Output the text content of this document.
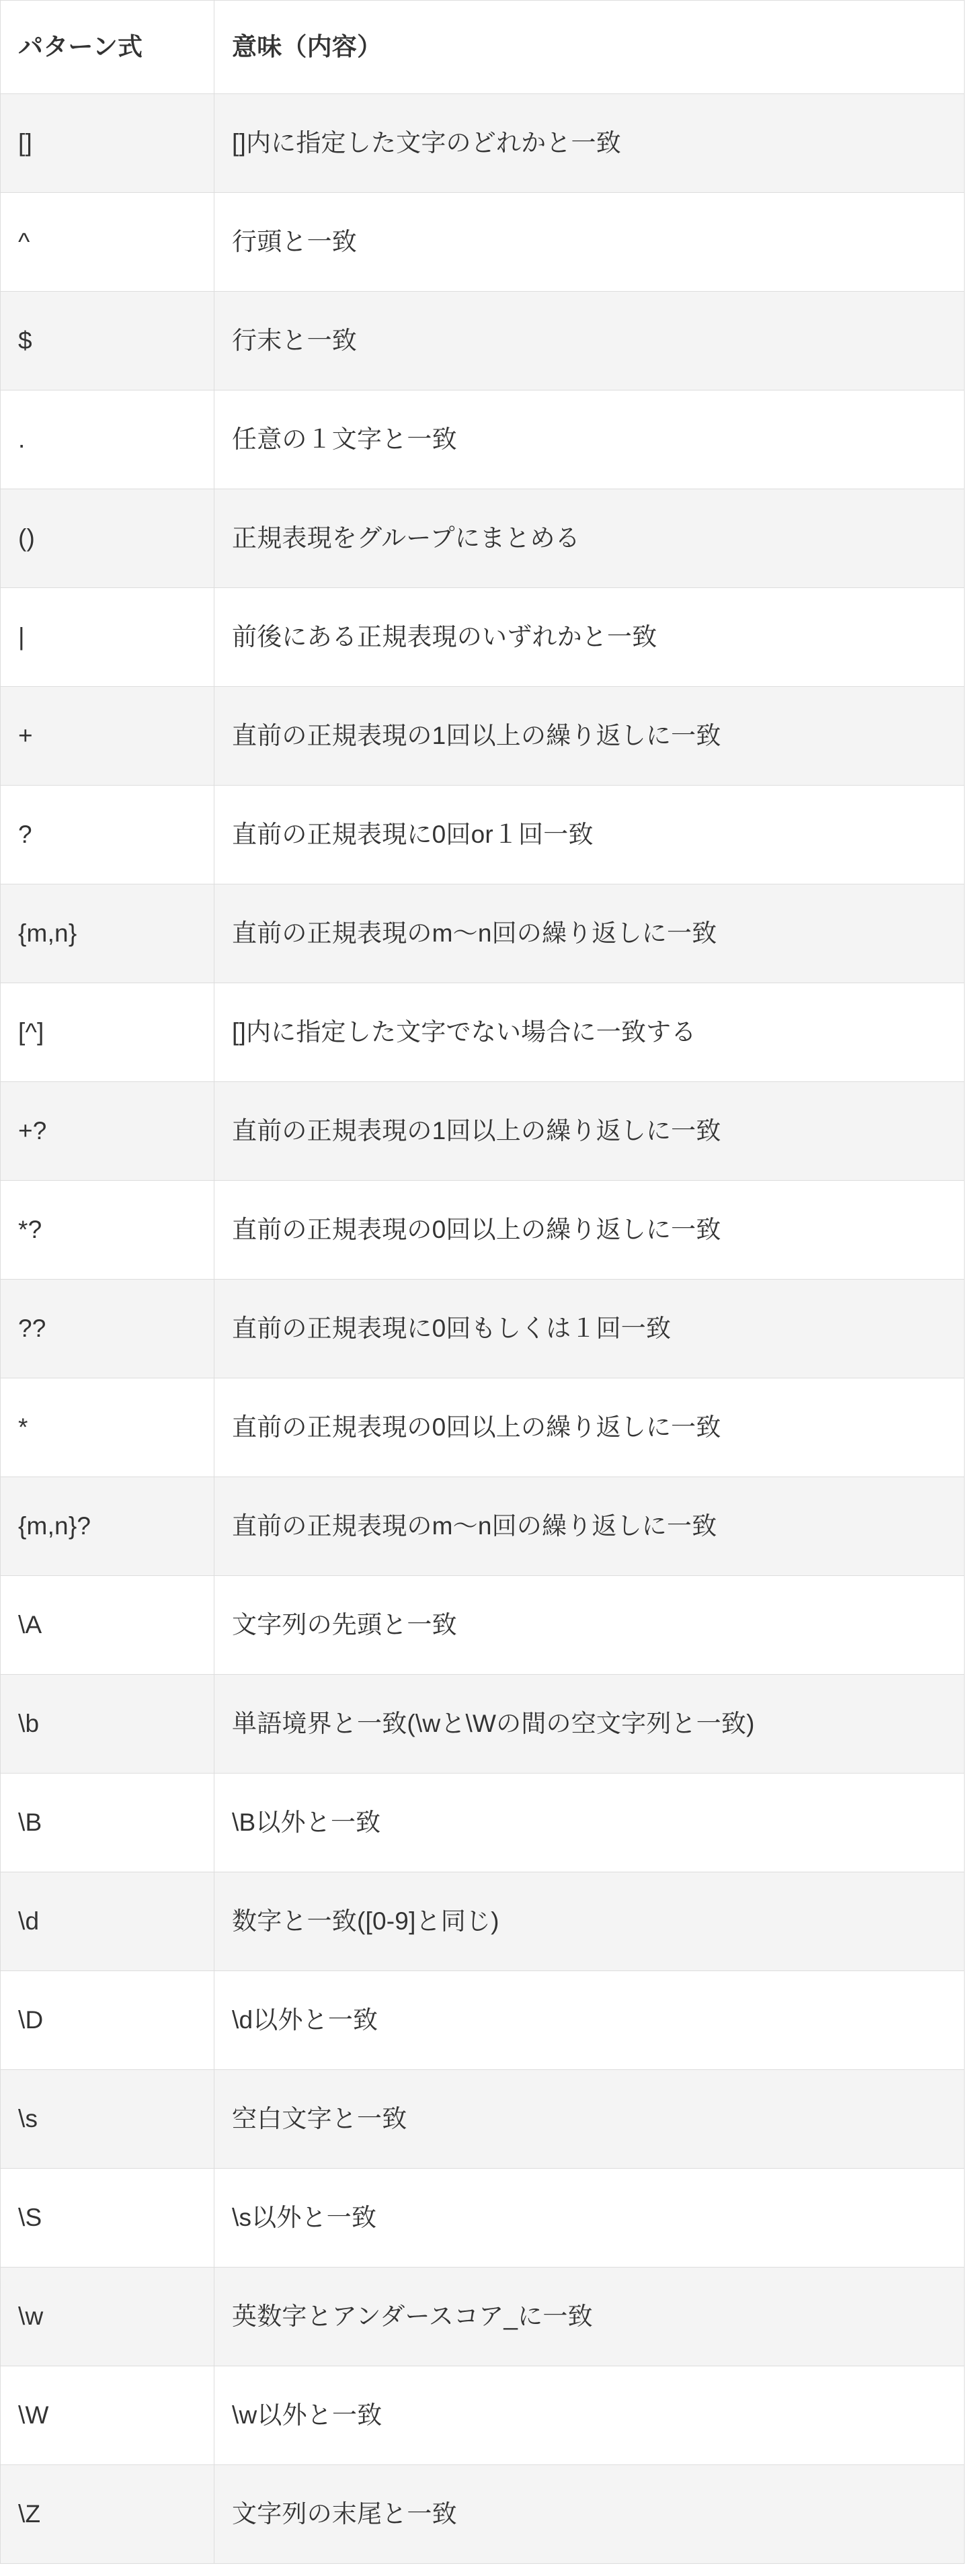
パターン式	意味（内容）
[]	[]内に指定した文字のどれかと一致
^	行頭と一致
$	行末と一致
.	任意の１文字と一致
()	正規表現をグループにまとめる
|	前後にある正規表現のいずれかと一致
+	直前の正規表現の1回以上の繰り返しに一致
?	直前の正規表現に0回or１回一致
{m,n}	直前の正規表現のm〜n回の繰り返しに一致
[^]	[]内に指定した文字でない場合に一致する
+?	直前の正規表現の1回以上の繰り返しに一致
*?	直前の正規表現の0回以上の繰り返しに一致
??	直前の正規表現に0回もしくは１回一致
*	直前の正規表現の0回以上の繰り返しに一致
{m,n}?	直前の正規表現のm〜n回の繰り返しに一致
\A	文字列の先頭と一致
\b	単語境界と一致(\wと\Wの間の空文字列と一致)
\B	\B以外と一致
\d	数字と一致([0-9]と同じ)
\D	\d以外と一致
\s	空白文字と一致
\S	\s以外と一致
\w	英数字とアンダースコア_に一致
\W	\w以外と一致
\Z	文字列の末尾と一致
